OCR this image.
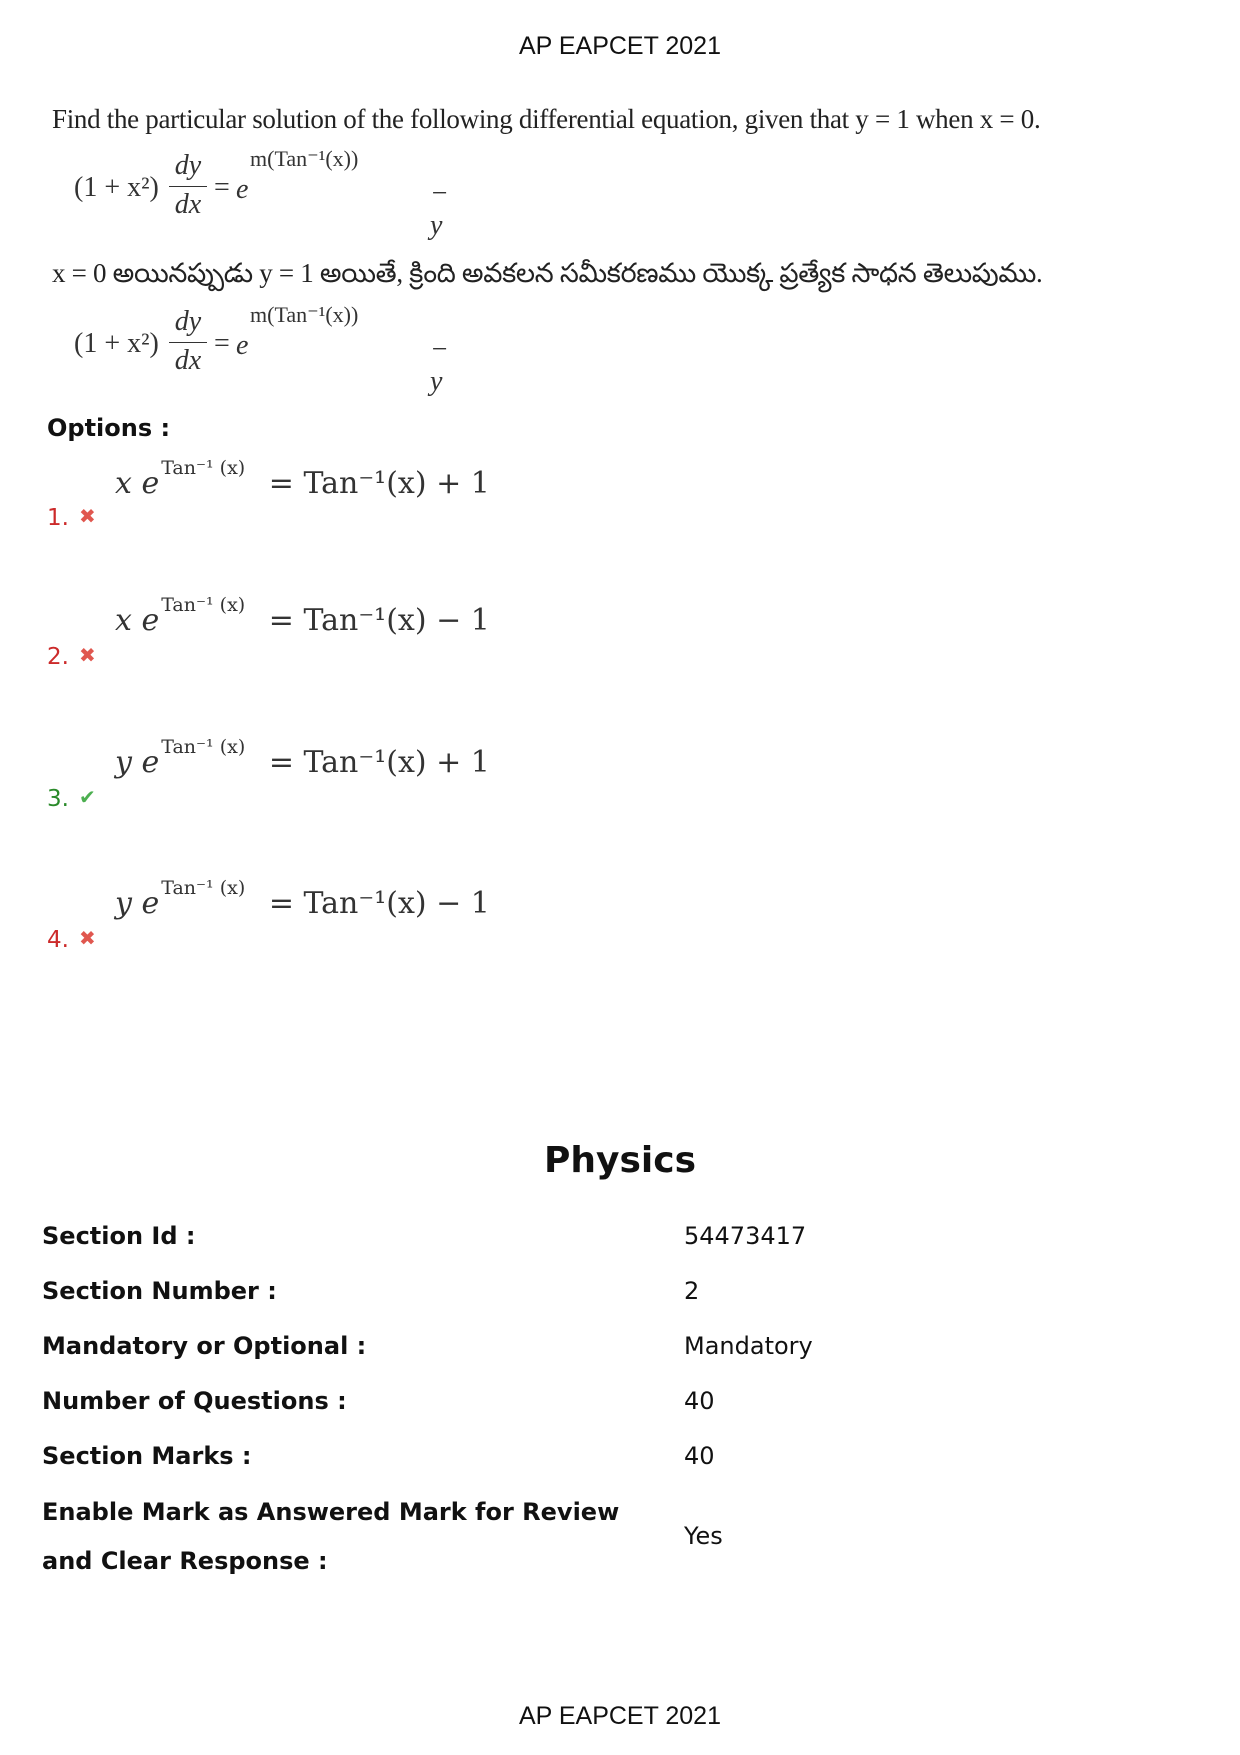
AP EAPCET 2021
Find the particular solution of the following differential equation, given that y = 1 when x = 0.
(1 + x²)
dy
dx
= e
m(Tan⁻¹(x))
− y
x = 0 అయినప్పుడు y = 1 అయితే, క్రింది అవకలన సమీకరణము యొక్క ప్రత్యేక సాధన తెలుపుము.
(1 + x²)
dy
dx
= e
m(Tan⁻¹(x))
− y
Options :
1. ✖
x e $^{Tan^{-1} (x)}$ = Tan⁻¹(x) + 1
2. ✖
x e $^{Tan^{-1} (x)}$ = Tan⁻¹(x) − 1
3. ✔
y e $^{Tan^{-1} (x)}$ = Tan⁻¹(x) + 1
4. ✖
y e $^{Tan^{-1} (x)}$ = Tan⁻¹(x) − 1
Physics
Section Id :	54473417
Section Number :	2
Mandatory or Optional :	Mandatory
Number of Questions :	40
Section Marks :	40
Enable Mark as Answered Mark for Review and Clear Response :
Yes
AP EAPCET 2021
